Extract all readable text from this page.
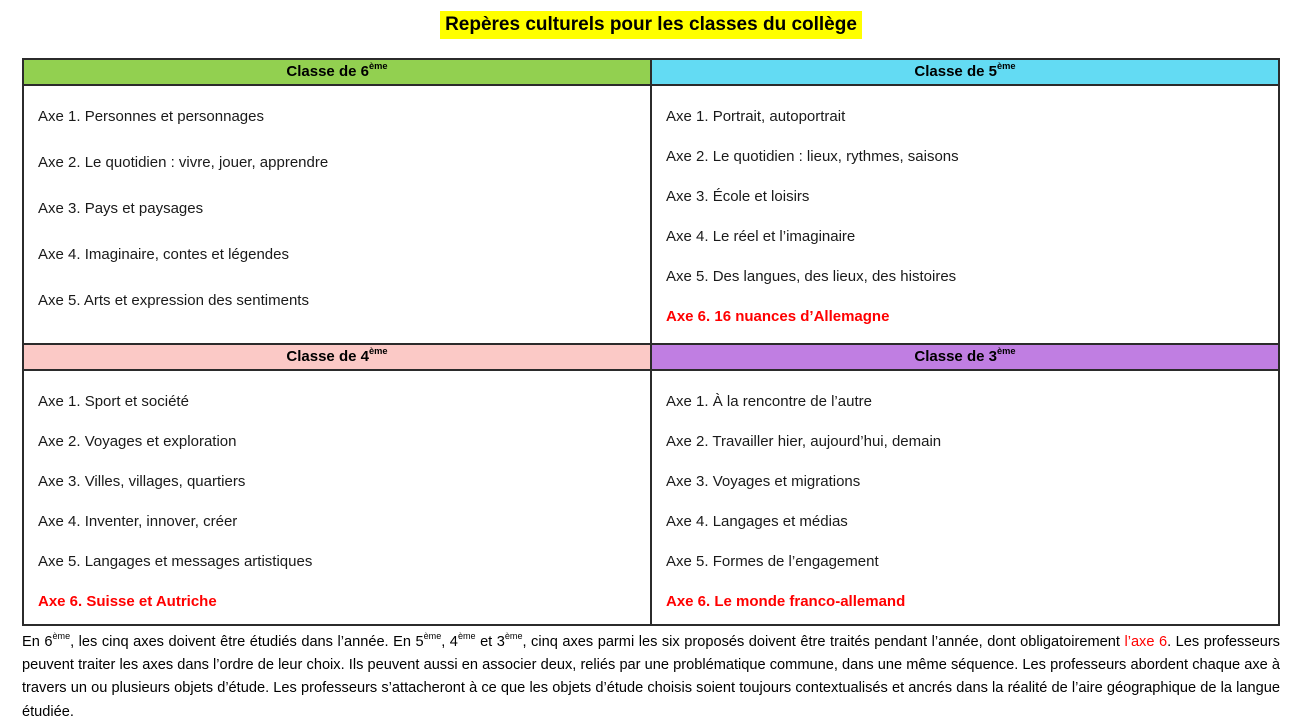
Repères culturels pour les classes du collège
Classe de 6ème	Classe de 5ème
Axe 1. Personnes et personnages
Axe 2. Le quotidien : vivre, jouer, apprendre
Axe 3. Pays et paysages
Axe 4. Imaginaire, contes et légendes
Axe 5. Arts et expression des sentiments
Axe 1. Portrait, autoportrait
Axe 2. Le quotidien : lieux, rythmes, saisons
Axe 3. École et loisirs
Axe 4. Le réel et l’imaginaire
Axe 5. Des langues, des lieux, des histoires
Axe 6. 16 nuances d’Allemagne
Classe de 4ème	Classe de 3ème
Axe 1. Sport et société
Axe 2. Voyages et exploration
Axe 3. Villes, villages, quartiers
Axe 4. Inventer, innover, créer
Axe 5. Langages et messages artistiques
Axe 6. Suisse et Autriche
Axe 1. À la rencontre de l’autre
Axe 2. Travailler hier, aujourd’hui, demain
Axe 3. Voyages et migrations
Axe 4. Langages et médias
Axe 5. Formes de l’engagement
Axe 6. Le monde franco-allemand

En 6ème, les cinq axes doivent être étudiés dans l’année. En 5ème, 4ème et 3ème, cinq axes parmi les six proposés doivent être traités pendant l’année, dont obligatoirement l’axe 6. Les professeurs peuvent traiter les axes dans l’ordre de leur choix. Ils peuvent aussi en associer deux, reliés par une problématique commune, dans une même séquence. Les professeurs abordent chaque axe à travers un ou plusieurs objets d’étude. Les professeurs s’attacheront à ce que les objets d’étude choisis soient toujours contextualisés et ancrés dans la réalité de l’aire géographique de la langue étudiée.
